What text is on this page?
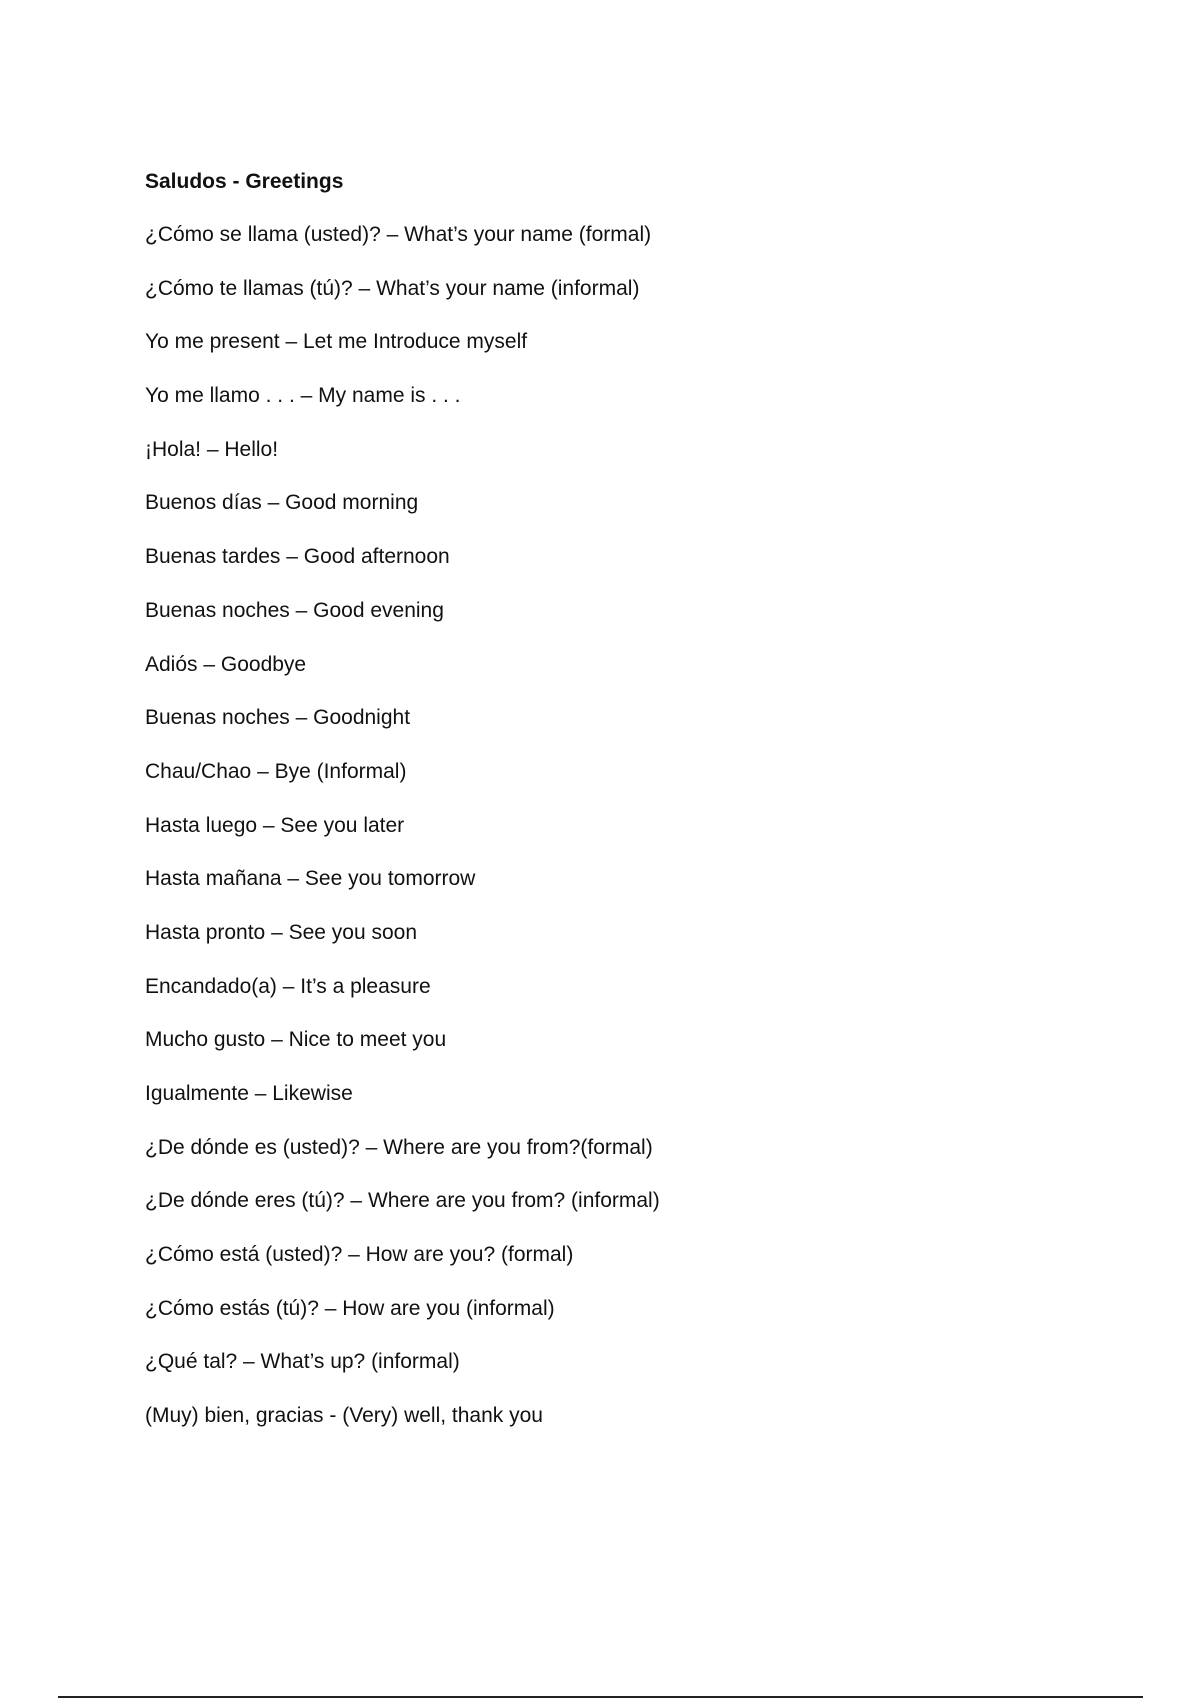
Saludos - Greetings
¿Cómo se llama (usted)? – What’s your name (formal)
¿Cómo te llamas (tú)? – What’s your name (informal)
Yo me present – Let me Introduce myself
Yo me llamo . . . – My name is . . .
¡Hola! – Hello!
Buenos días – Good morning
Buenas tardes – Good afternoon
Buenas noches – Good evening
Adiós – Goodbye
Buenas noches – Goodnight
Chau/Chao – Bye (Informal)
Hasta luego – See you later
Hasta mañana – See you tomorrow
Hasta pronto – See you soon
Encandado(a) – It’s a pleasure
Mucho gusto – Nice to meet you
Igualmente – Likewise
¿De dónde es (usted)? – Where are you from?(formal)
¿De dónde eres (tú)? – Where are you from? (informal)
¿Cómo está (usted)? – How are you? (formal)
¿Cómo estás (tú)? – How are you (informal)
¿Qué tal? – What’s up? (informal)
(Muy) bien, gracias - (Very) well, thank you
